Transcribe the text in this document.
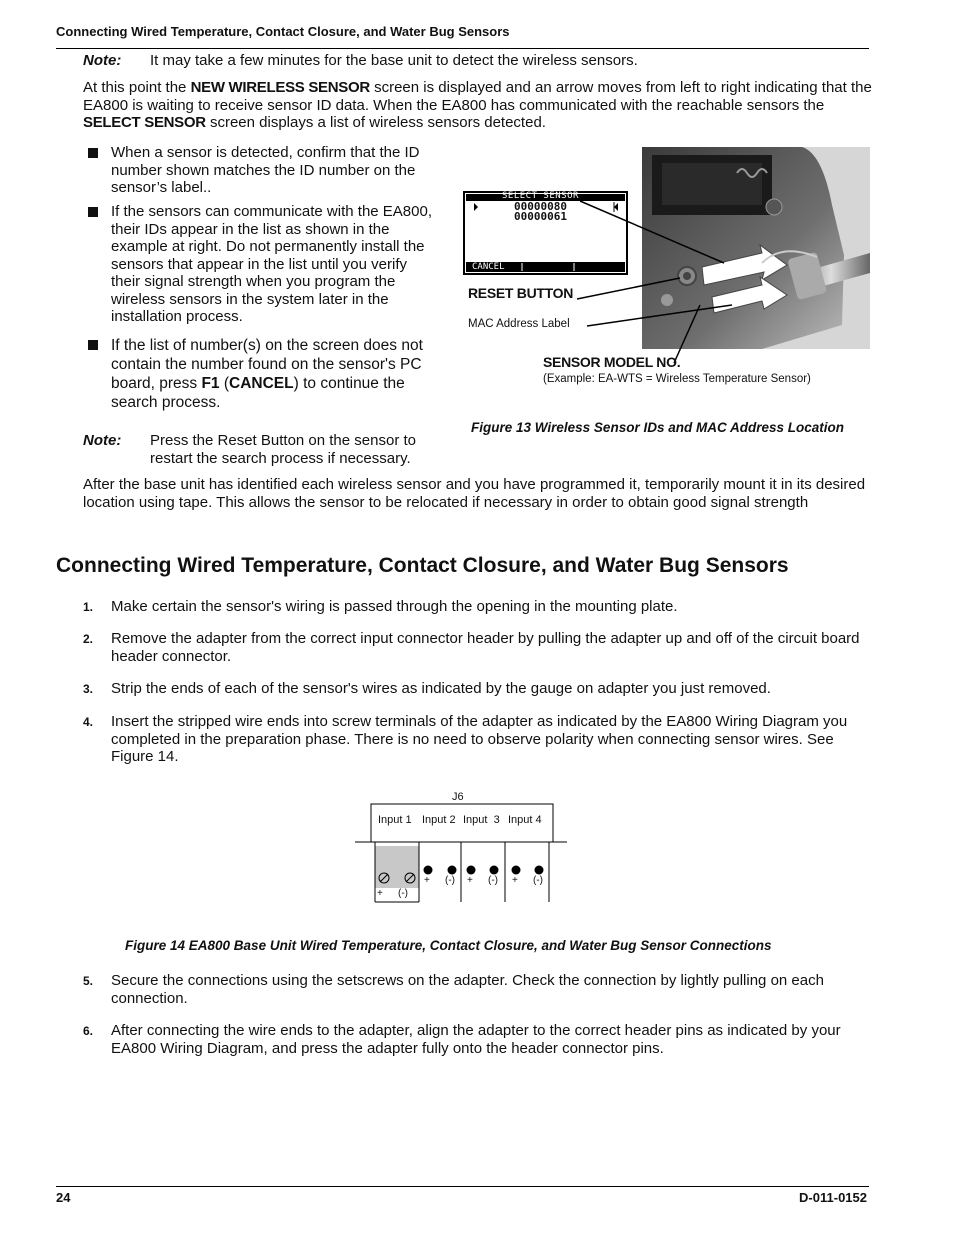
Connecting Wired Temperature, Contact Closure, and Water Bug Sensors
Note: It may take a few minutes for the base unit to detect the wireless sensors.
At this point the NEW WIRELESS SENSOR screen is displayed and an arrow moves from left to right indicating that the EA800 is waiting to receive sensor ID data. When the EA800 has communicated with the reachable sensors the SELECT SENSOR screen displays a list of wireless sensors detected.
When a sensor is detected, confirm that the ID number shown matches the ID number on the sensor’s label..
If the sensors can communicate with the EA800, their IDs appear in the list as shown in the example at right. Do not permanently install the sensors that appear in the list until you verify their signal strength when you program the wireless sensors in the system later in the installation process.
If the list of number(s) on the screen does not contain the number found on the sensor's PC board, press F1 (CANCEL) to continue the search process.
Note: Press the Reset Button on the sensor to restart the search process if necessary.
SELECT SENSOR
00000080
00000061
CANCEL
RESET BUTTON
MAC Address Label
SENSOR MODEL NO.
(Example: EA-WTS = Wireless Temperature Sensor)
Figure 13 Wireless Sensor IDs and MAC Address Location
After the base unit has identified each wireless sensor and you have programmed it, temporarily mount it in its desired location using tape. This allows the sensor to be relocated if necessary in order to obtain good signal strength
Connecting Wired Temperature, Contact Closure, and Water Bug Sensors
1. Make certain the sensor's wiring is passed through the opening in the mounting plate.
2. Remove the adapter from the correct input connector header by pulling the adapter up and off of the circuit board header connector.
3. Strip the ends of each of the sensor's wires as indicated by the gauge on adapter you just removed.
4. Insert the stripped wire ends into screw terminals of the adapter as indicated by the EA800 Wiring Diagram you completed in the preparation phase. There is no need to observe polarity when connecting sensor wires. See Figure 14.
J6
Input 1 Input 2 Input  3 Input 4
+ (-) + (-) + (-)
+ (-)
Figure 14 EA800 Base Unit Wired Temperature, Contact Closure, and Water Bug Sensor Connections
5. Secure the connections using the setscrews on the adapter. Check the connection by lightly pulling on each connection.
6. After connecting the wire ends to the adapter, align the adapter to the correct header pins as indicated by your EA800 Wiring Diagram, and press the adapter fully onto the header connector pins.
24	D-011-0152
